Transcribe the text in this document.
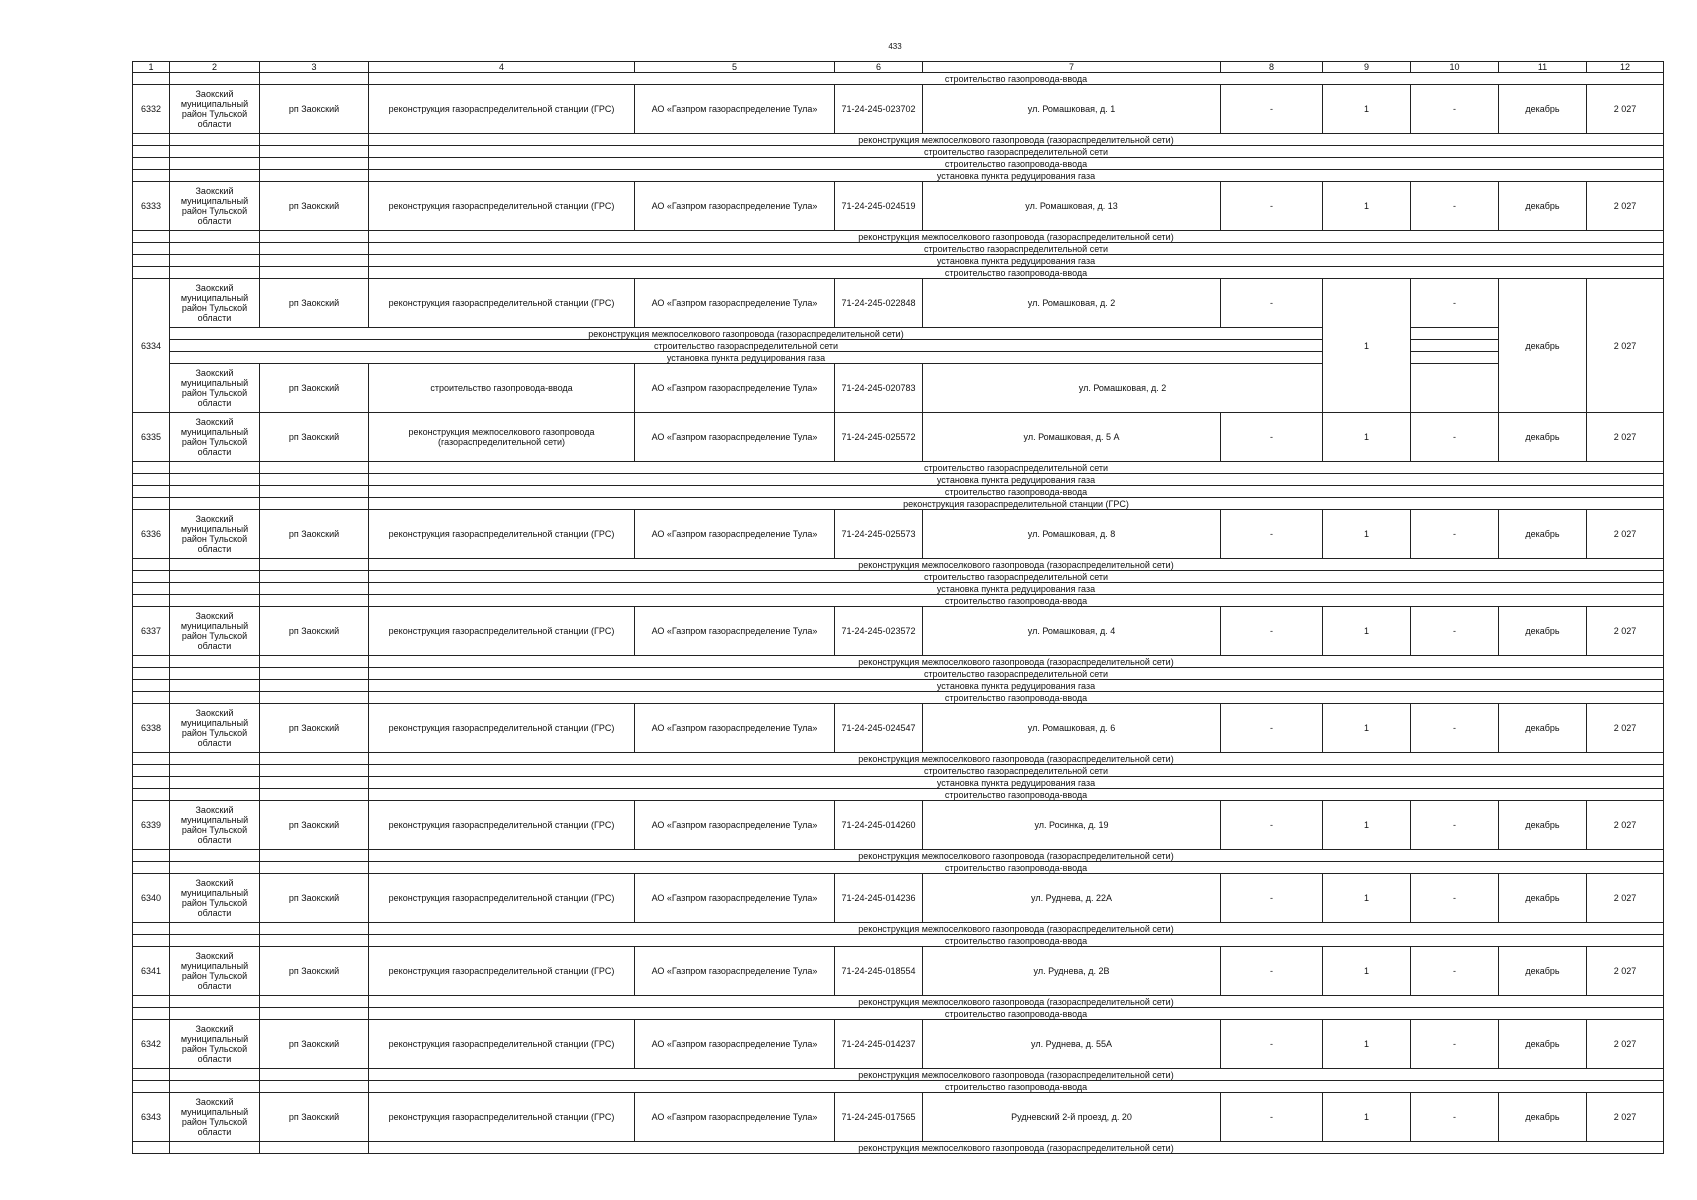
433
1	2	3	4	5	6	7	8	9	10	11	12
			строительство газопровода-ввода								
6332	Заокский муниципальный район Тульской области	рп Заокский	реконструкция газораспределительной станции (ГРС)	АО «Газпром газораспределение Тула»	71-24-245-023702	ул. Ромашковая, д. 1	-	1	-	декабрь	2 027
			реконструкция межпоселкового газопровода (газораспределительной сети)								
			строительство газораспределительной сети								
			строительство газопровода-ввода								
			установка пункта редуцирования газа								
6333	Заокский муниципальный район Тульской области	рп Заокский	реконструкция газораспределительной станции (ГРС)	АО «Газпром газораспределение Тула»	71-24-245-024519	ул. Ромашковая, д. 13	-	1	-	декабрь	2 027
			реконструкция межпоселкового газопровода (газораспределительной сети)								
			строительство газораспределительной сети								
			установка пункта редуцирования газа								
			строительство газопровода-ввода								
6334	Заокский муниципальный район Тульской области	рп Заокский	реконструкция газораспределительной станции (ГРС)	АО «Газпром газораспределение Тула»	71-24-245-022848	ул. Ромашковая, д. 2	-	1	-	декабрь	2 027
	реконструкция межпоселкового газопровода (газораспределительной сети)										
	строительство газораспределительной сети										
	установка пункта редуцирования газа										
	Заокский муниципальный район Тульской области	рп Заокский	строительство газопровода-ввода	АО «Газпром газораспределение Тула»	71-24-245-020783	ул. Ромашковая, д. 2					
6335	Заокский муниципальный район Тульской области	рп Заокский	реконструкция межпоселкового газопровода (газораспределительной сети)	АО «Газпром газораспределение Тула»	71-24-245-025572	ул. Ромашковая, д. 5 А	-	1	-	декабрь	2 027
			строительство газораспределительной сети								
			установка пункта редуцирования газа								
			строительство газопровода-ввода								
			реконструкция газораспределительной станции (ГРС)								
6336	Заокский муниципальный район Тульской области	рп Заокский	реконструкция газораспределительной станции (ГРС)	АО «Газпром газораспределение Тула»	71-24-245-025573	ул. Ромашковая, д. 8	-	1	-	декабрь	2 027
			реконструкция межпоселкового газопровода (газораспределительной сети)								
			строительство газораспределительной сети								
			установка пункта редуцирования газа								
			строительство газопровода-ввода								
6337	Заокский муниципальный район Тульской области	рп Заокский	реконструкция газораспределительной станции (ГРС)	АО «Газпром газораспределение Тула»	71-24-245-023572	ул. Ромашковая, д. 4	-	1	-	декабрь	2 027
			реконструкция межпоселкового газопровода (газораспределительной сети)								
			строительство газораспределительной сети								
			установка пункта редуцирования газа								
			строительство газопровода-ввода								
6338	Заокский муниципальный район Тульской области	рп Заокский	реконструкция газораспределительной станции (ГРС)	АО «Газпром газораспределение Тула»	71-24-245-024547	ул. Ромашковая, д. 6	-	1	-	декабрь	2 027
			реконструкция межпоселкового газопровода (газораспределительной сети)								
			строительство газораспределительной сети								
			установка пункта редуцирования газа								
			строительство газопровода-ввода								
6339	Заокский муниципальный район Тульской области	рп Заокский	реконструкция газораспределительной станции (ГРС)	АО «Газпром газораспределение Тула»	71-24-245-014260	ул. Росинка, д. 19	-	1	-	декабрь	2 027
			реконструкция межпоселкового газопровода (газораспределительной сети)								
			строительство газопровода-ввода								
6340	Заокский муниципальный район Тульской области	рп Заокский	реконструкция газораспределительной станции (ГРС)	АО «Газпром газораспределение Тула»	71-24-245-014236	ул. Руднева, д. 22А	-	1	-	декабрь	2 027
			реконструкция межпоселкового газопровода (газораспределительной сети)								
			строительство газопровода-ввода								
6341	Заокский муниципальный район Тульской области	рп Заокский	реконструкция газораспределительной станции (ГРС)	АО «Газпром газораспределение Тула»	71-24-245-018554	ул. Руднева, д. 2В	-	1	-	декабрь	2 027
			реконструкция межпоселкового газопровода (газораспределительной сети)								
			строительство газопровода-ввода								
6342	Заокский муниципальный район Тульской области	рп Заокский	реконструкция газораспределительной станции (ГРС)	АО «Газпром газораспределение Тула»	71-24-245-014237	ул. Руднева, д. 55А	-	1	-	декабрь	2 027
			реконструкция межпоселкового газопровода (газораспределительной сети)								
			строительство газопровода-ввода								
6343	Заокский муниципальный район Тульской области	рп Заокский	реконструкция газораспределительной станции (ГРС)	АО «Газпром газораспределение Тула»	71-24-245-017565	Рудневский 2-й проезд, д. 20	-	1	-	декабрь	2 027
			реконструкция межпоселкового газопровода (газораспределительной сети)								
